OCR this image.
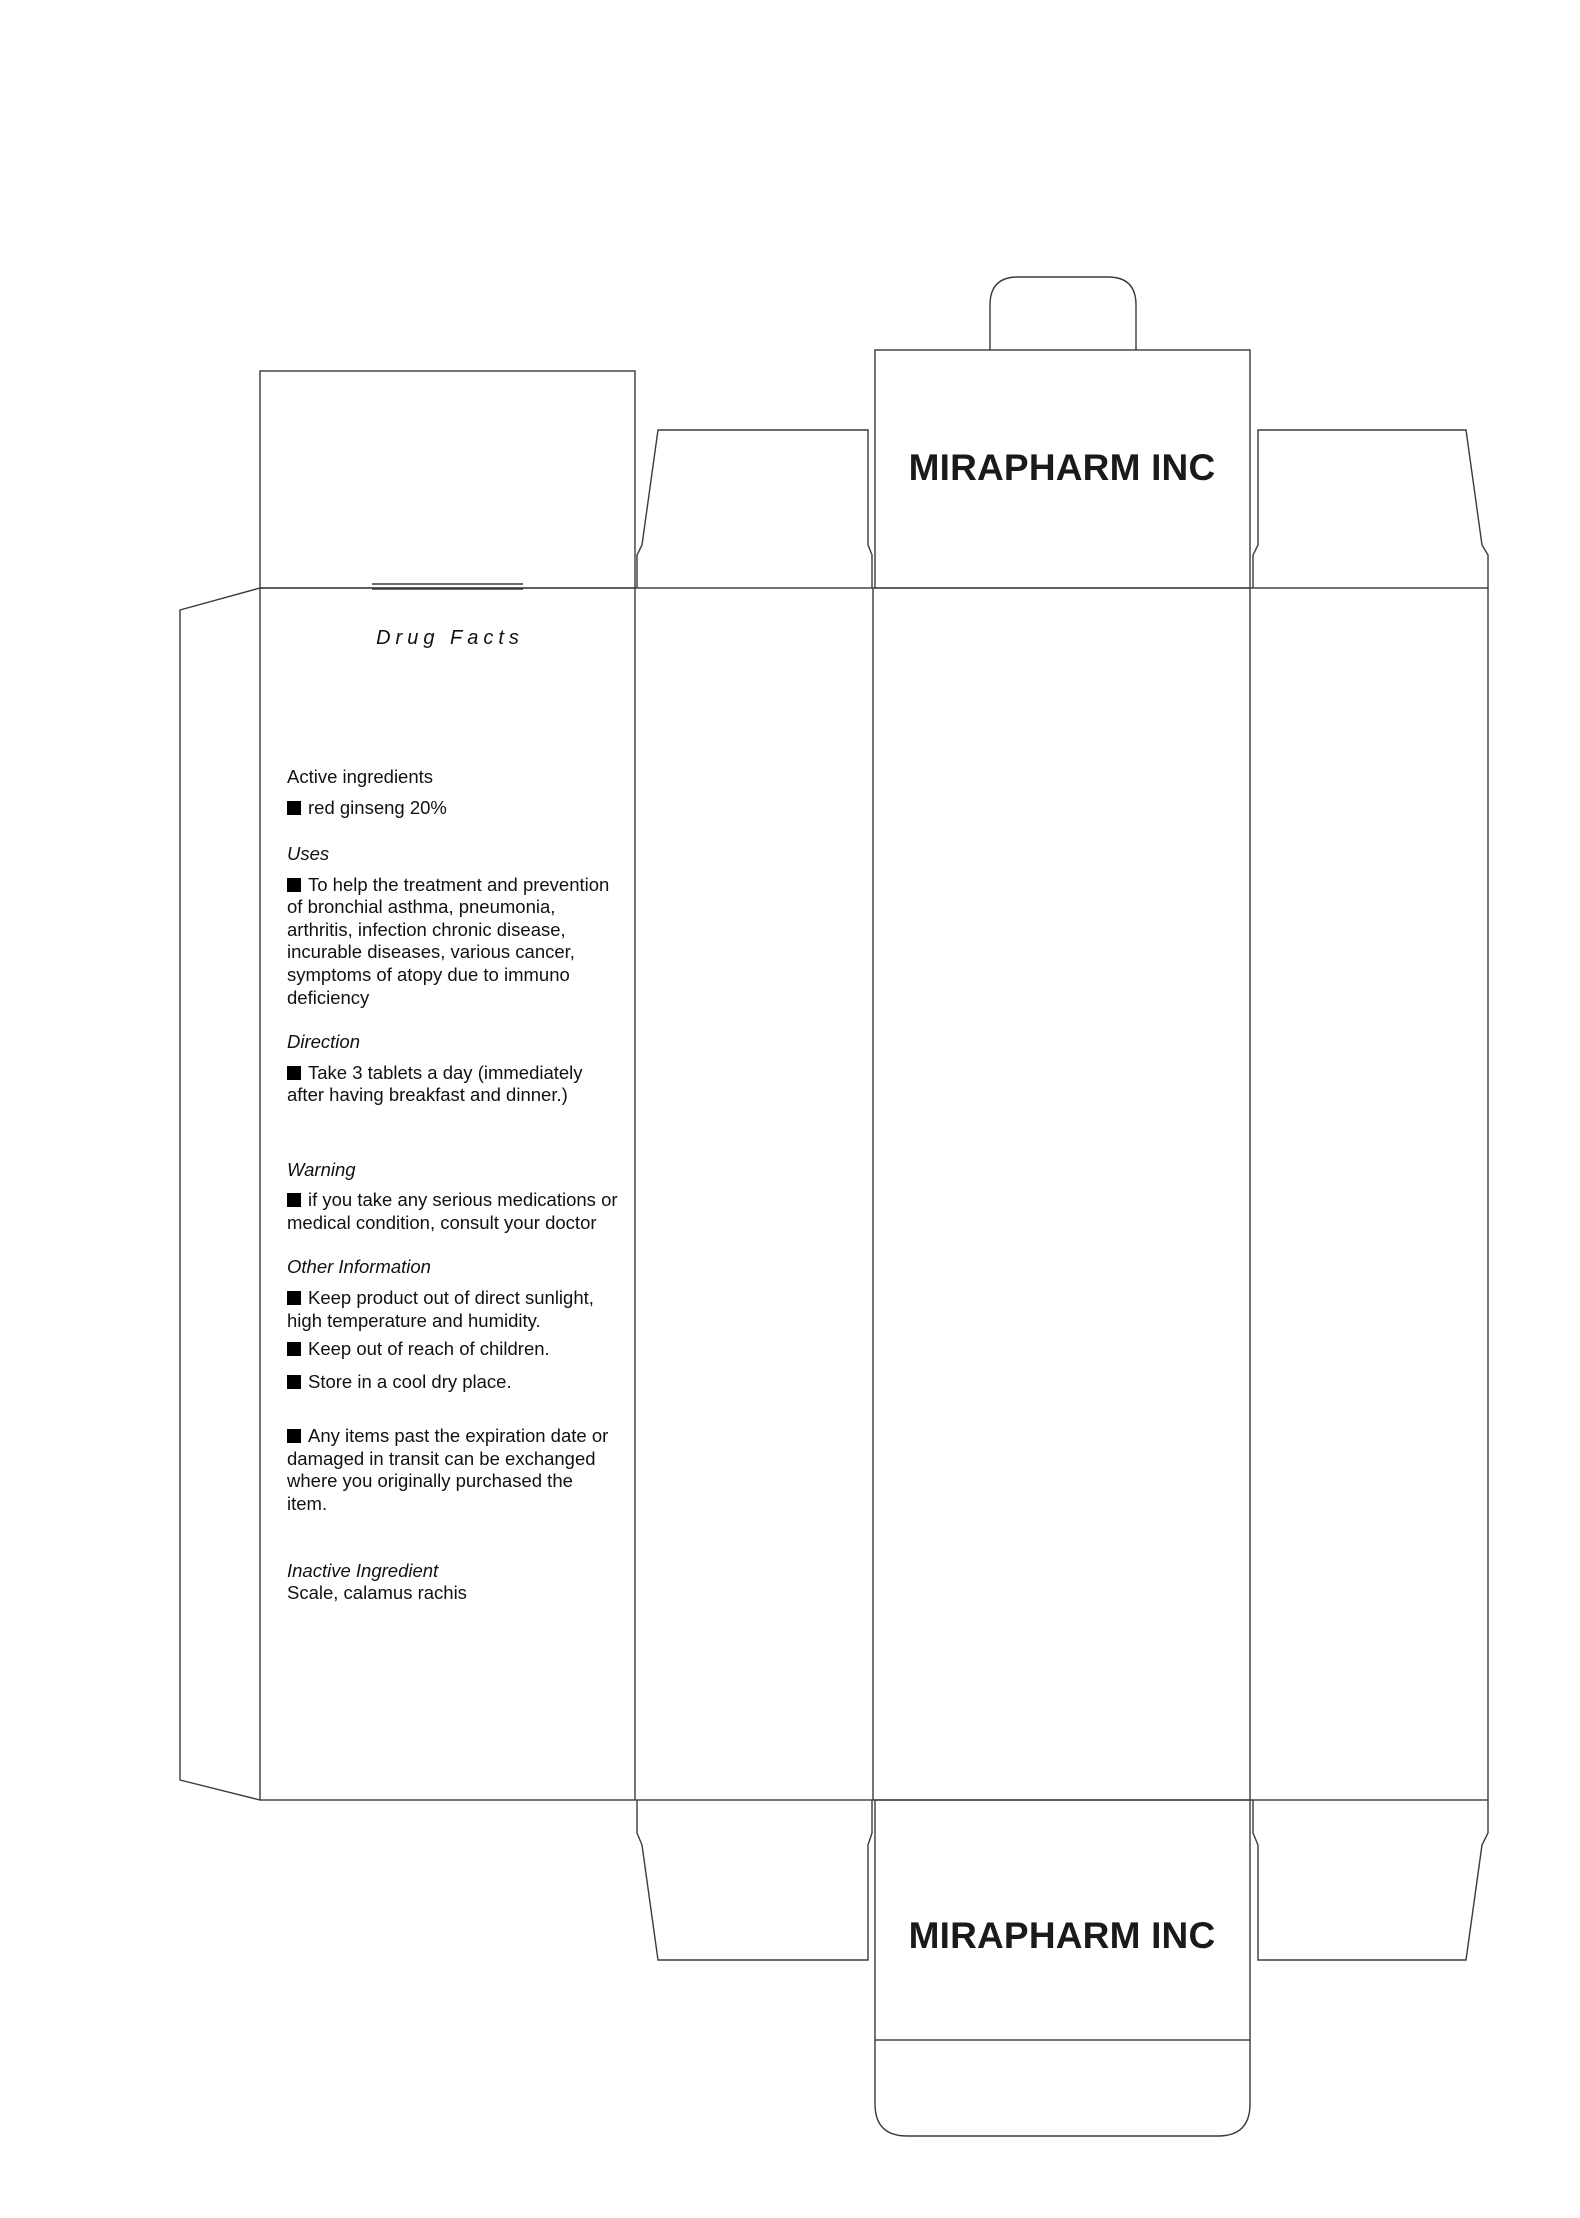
MIRAPHARM INC
MIRAPHARM INC
Drug Facts

Active ingredients

red ginseng 20%

Uses

To help the treatment and prevention of bronchial asthma, pneumonia, arthritis, infection chronic disease, incurable diseases, various cancer, symptoms of atopy due to immuno deficiency

Direction

Take 3 tablets a day (immediately after having breakfast and dinner.)

Warning

if you take any serious medications or medical condition, consult your doctor

Other Information

Keep product out of direct sunlight, high temperature and humidity.

Keep out of reach of children.

Store in a cool dry place.

Any items past the expiration date or damaged in transit can be exchanged where you originally purchased the item.

Inactive Ingredient

Scale, calamus rachis
